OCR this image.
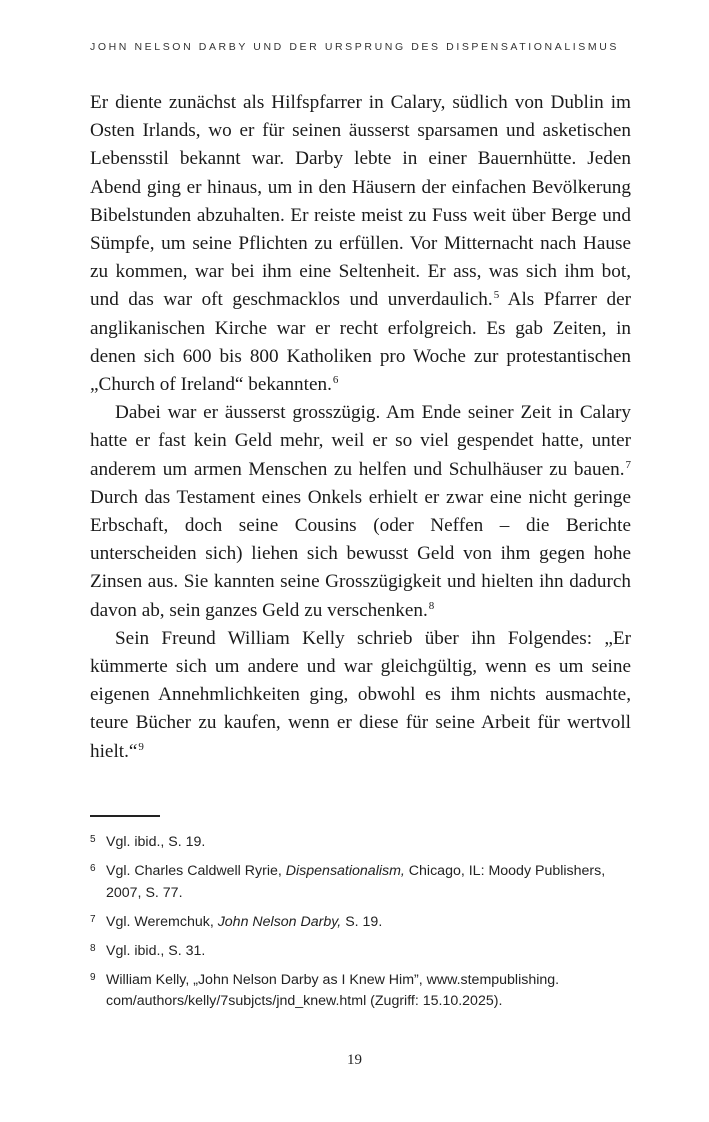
JOHN NELSON DARBY UND DER URSPRUNG DES DISPENSATIONALISMUS

Er diente zunächst als Hilfspfarrer in Calary, südlich von Dublin im Osten Irlands, wo er für seinen äusserst sparsamen und asketischen Lebensstil bekannt war. Darby lebte in einer Bauernhütte. Jeden Abend ging er hinaus, um in den Häusern der einfachen Bevölkerung Bibelstunden abzuhalten. Er reiste meist zu Fuss weit über Berge und Sümpfe, um seine Pflichten zu erfüllen. Vor Mitternacht nach Hause zu kommen, war bei ihm eine Seltenheit. Er ass, was sich ihm bot, und das war oft geschmacklos und unverdaulich.$^5$ Als Pfarrer der anglikanischen Kirche war er recht erfolgreich. Es gab Zeiten, in denen sich 600 bis 800 Katholiken pro Woche zur protestantischen „Church of Ireland“ bekannten.$^6$

Dabei war er äusserst grosszügig. Am Ende seiner Zeit in Calary hatte er fast kein Geld mehr, weil er so viel gespendet hatte, unter anderem um armen Menschen zu helfen und Schulhäuser zu bauen.$^7$ Durch das Testament eines Onkels erhielt er zwar eine nicht geringe Erbschaft, doch seine Cousins (oder Neffen – die Berichte unterscheiden sich) liehen sich bewusst Geld von ihm gegen hohe Zinsen aus. Sie kannten seine Grosszügigkeit und hielten ihn dadurch davon ab, sein ganzes Geld zu verschenken.$^8$

Sein Freund William Kelly schrieb über ihn Folgendes: „Er kümmerte sich um andere und war gleichgültig, wenn es um seine eigenen Annehmlichkeiten ging, obwohl es ihm nichts ausmachte, teure Bücher zu kaufen, wenn er diese für seine Arbeit für wertvoll hielt.“$^9$

5 Vgl. ibid., S. 19.
6 Vgl. Charles Caldwell Ryrie, Dispensationalism, Chicago, IL: Moody Publishers, 2007, S. 77.
7 Vgl. Weremchuk, John Nelson Darby, S. 19.
8 Vgl. ibid., S. 31.
9 William Kelly, „John Nelson Darby as I Knew Him”, www.stempublishing.​com/authors/kelly/7subjcts/jnd_knew.html (Zugriff: 15.10.2025).
19
